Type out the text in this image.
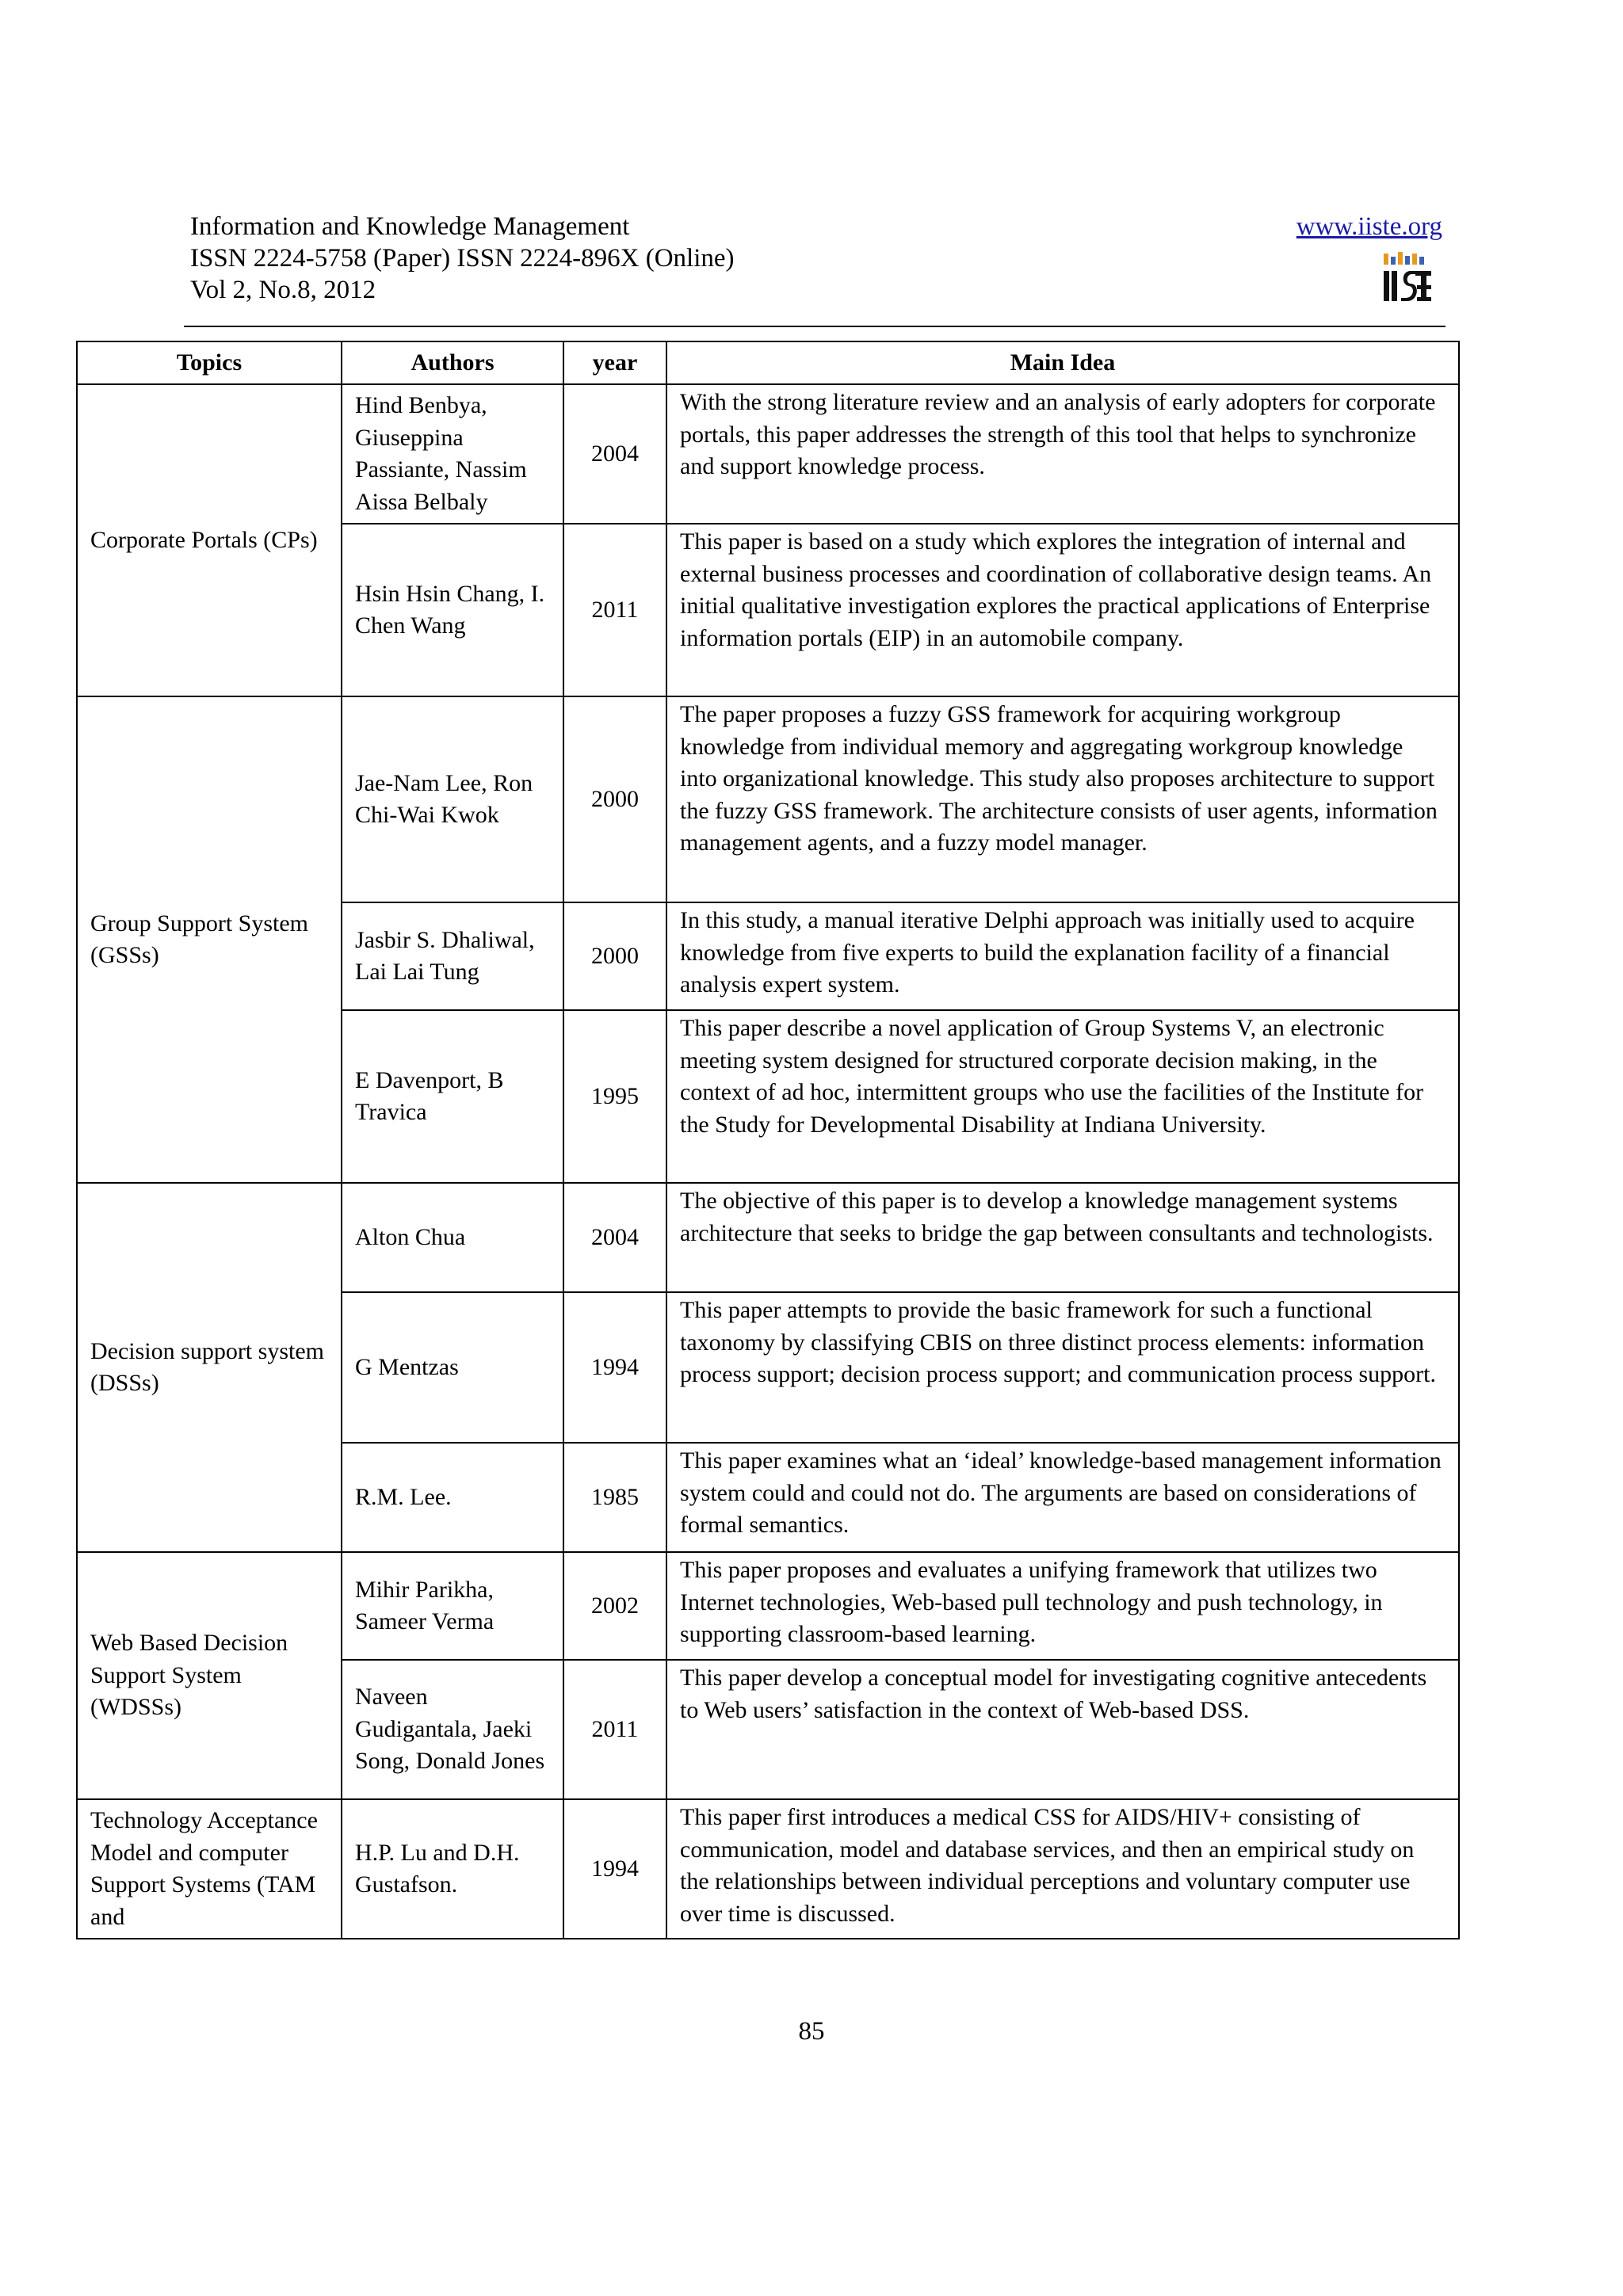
Information and Knowledge Management
ISSN 2224-5758 (Paper) ISSN 2224-896X (Online)
Vol 2, No.8, 2012
www.iiste.org
Topics	Authors	year	Main Idea
Corporate Portals (CPs)	Hind Benbya, Giuseppina Passiante, Nassim Aissa Belbaly	2004	With the strong literature review and an analysis of early adopters for corporate portals, this paper addresses the strength of this tool that helps to synchronize and support knowledge process.
	Hsin Hsin Chang, I. Chen Wang	2011	This paper is based on a study which explores the integration of internal and external business processes and coordination of collaborative design teams. An initial qualitative investigation explores the practical applications of Enterprise information portals (EIP) in an automobile company.
Group Support System (GSSs)	Jae-Nam Lee, Ron Chi-Wai Kwok	2000	The paper proposes a fuzzy GSS framework for acquiring workgroup knowledge from individual memory and aggregating workgroup knowledge into organizational knowledge. This study also proposes architecture to support the fuzzy GSS framework. The architecture consists of user agents, information management agents, and a fuzzy model manager.
	Jasbir S. Dhaliwal, Lai Lai Tung	2000	In this study, a manual iterative Delphi approach was initially used to acquire knowledge from five experts to build the explanation facility of a financial analysis expert system.
	E Davenport, B Travica	1995	This paper describe a novel application of Group Systems V, an electronic meeting system designed for structured corporate decision making, in the context of ad hoc, intermittent groups who use the facilities of the Institute for the Study for Developmental Disability at Indiana University.
Decision support system (DSSs)	Alton Chua	2004	The objective of this paper is to develop a knowledge management systems architecture that seeks to bridge the gap between consultants and technologists.
	G Mentzas	1994	This paper attempts to provide the basic framework for such a functional taxonomy by classifying CBIS on three distinct process elements: information process support; decision process support; and communication process support.
	R.M. Lee.	1985	This paper examines what an ‘ideal’ knowledge-based management information system could and could not do. The arguments are based on considerations of formal semantics.
Web Based Decision Support System (WDSSs)	Mihir Parikha, Sameer Verma	2002	This paper proposes and evaluates a unifying framework that utilizes two Internet technologies, Web-based pull technology and push technology, in supporting classroom-based learning.
	Naveen Gudigantala, Jaeki Song, Donald Jones	2011	This paper develop a conceptual model for investigating cognitive antecedents to Web users’ satisfaction in the context of Web-based DSS.
Technology Acceptance Model and computer Support Systems (TAM and	H.P. Lu and D.H. Gustafson.	1994	This paper first introduces a medical CSS for AIDS/HIV+ consisting of communication, model and database services, and then an empirical study on the relationships between individual perceptions and voluntary computer use over time is discussed.
85
